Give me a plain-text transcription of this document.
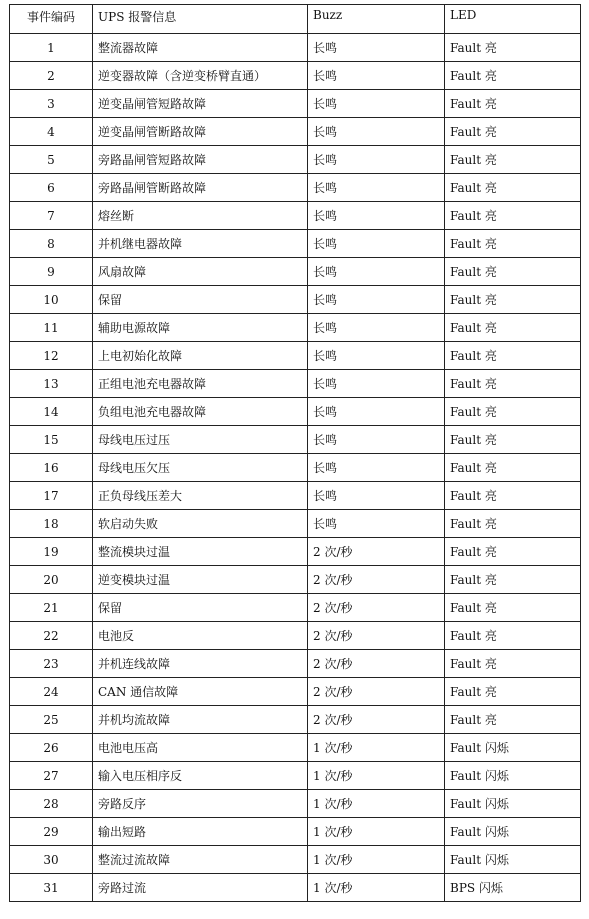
事件编码	UPS 报警信息	Buzz	LED
1	整流器故障	长鸣	Fault 亮
2	逆变器故障（含逆变桥臂直通）	长鸣	Fault 亮
3	逆变晶闸管短路故障	长鸣	Fault 亮
4	逆变晶闸管断路故障	长鸣	Fault 亮
5	旁路晶闸管短路故障	长鸣	Fault 亮
6	旁路晶闸管断路故障	长鸣	Fault 亮
7	熔丝断	长鸣	Fault 亮
8	并机继电器故障	长鸣	Fault 亮
9	风扇故障	长鸣	Fault 亮
10	保留	长鸣	Fault 亮
11	辅助电源故障	长鸣	Fault 亮
12	上电初始化故障	长鸣	Fault 亮
13	正组电池充电器故障	长鸣	Fault 亮
14	负组电池充电器故障	长鸣	Fault 亮
15	母线电压过压	长鸣	Fault 亮
16	母线电压欠压	长鸣	Fault 亮
17	正负母线压差大	长鸣	Fault 亮
18	软启动失败	长鸣	Fault 亮
19	整流模块过温	2 次/秒	Fault 亮
20	逆变模块过温	2 次/秒	Fault 亮
21	保留	2 次/秒	Fault 亮
22	电池反	2 次/秒	Fault 亮
23	并机连线故障	2 次/秒	Fault 亮
24	CAN 通信故障	2 次/秒	Fault 亮
25	并机均流故障	2 次/秒	Fault 亮
26	电池电压高	1 次/秒	Fault 闪烁
27	输入电压相序反	1 次/秒	Fault 闪烁
28	旁路反序	1 次/秒	Fault 闪烁
29	输出短路	1 次/秒	Fault 闪烁
30	整流过流故障	1 次/秒	Fault 闪烁
31	旁路过流	1 次/秒	BPS 闪烁
